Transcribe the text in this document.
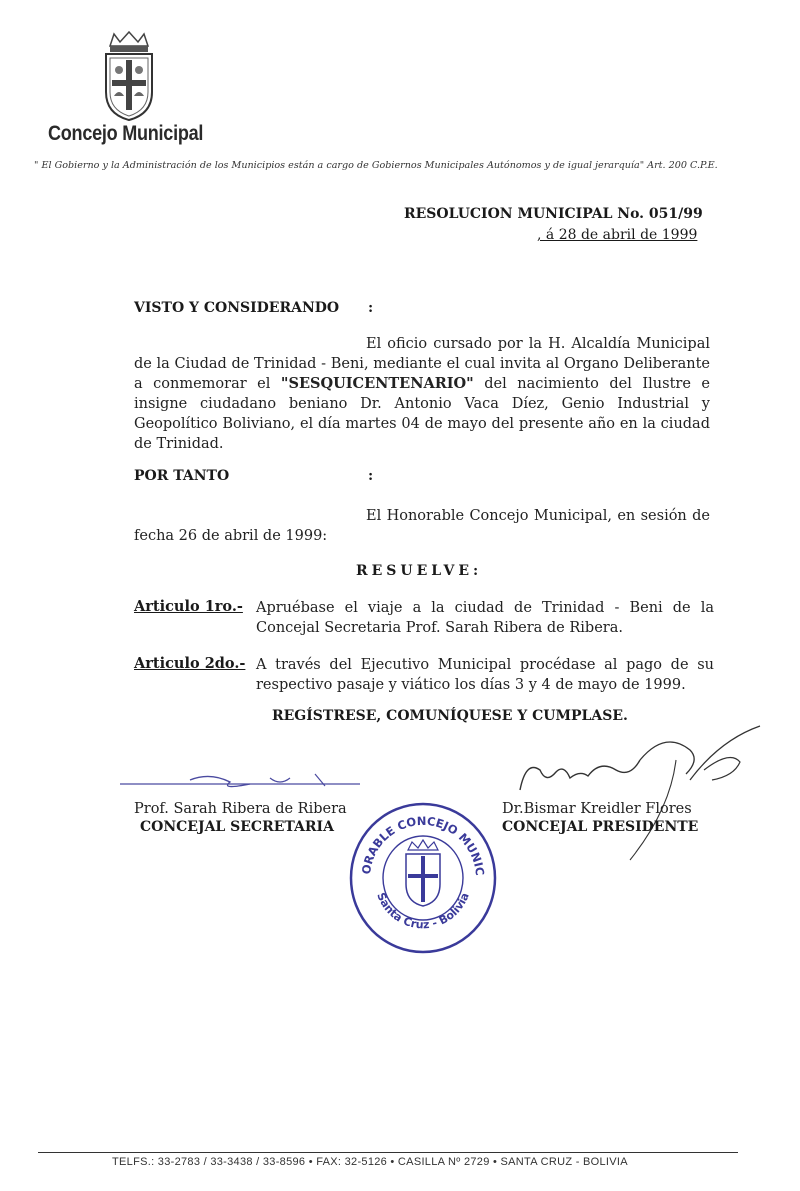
Concejo Municipal
" El Gobierno y la Administración de los Municipios están a cargo de Gobiernos Municipales Autónomos y de igual jerarquía" Art. 200 C.P.E.
RESOLUCION MUNICIPAL No. 051/99
, á 28 de abril de 1999
VISTO Y CONSIDERANDO :
El oficio cursado por la H. Alcaldía Municipal de la Ciudad de Trinidad - Beni, mediante el cual invita al Organo Deliberante a conmemorar el "SESQUICENTENARIO" del nacimiento del Ilustre e insigne ciudadano beniano Dr. Antonio Vaca Díez, Genio Industrial y Geopolítico Boliviano, el día martes 04 de mayo del presente año en la ciudad de Trinidad.
POR TANTO	:
El Honorable Concejo Municipal, en sesión de fecha 26 de abril de 1999:
RESUELVE:
Articulo 1ro.- Apruébase el viaje a la ciudad de Trinidad - Beni de la Concejal Secretaria Prof. Sarah Ribera de Ribera.
Articulo 2do.- A través del Ejecutivo Municipal procédase al pago de su respectivo pasaje y viático los días 3 y 4 de mayo de 1999.
REGÍSTRESE, COMUNÍQUESE Y CUMPLASE.
Prof. Sarah Ribera de Ribera
CONCEJAL SECRETARIA
Dr.Bismar Kreidler Flores
CONCEJAL PRESIDENTE
ORABLE CONCEJO MUNIC
Santa Cruz - Bolivia
TELFS.: 33-2783 / 33-3438 / 33-8596 • FAX: 32-5126 • CASILLA Nº 2729 • SANTA CRUZ - BOLIVIA
